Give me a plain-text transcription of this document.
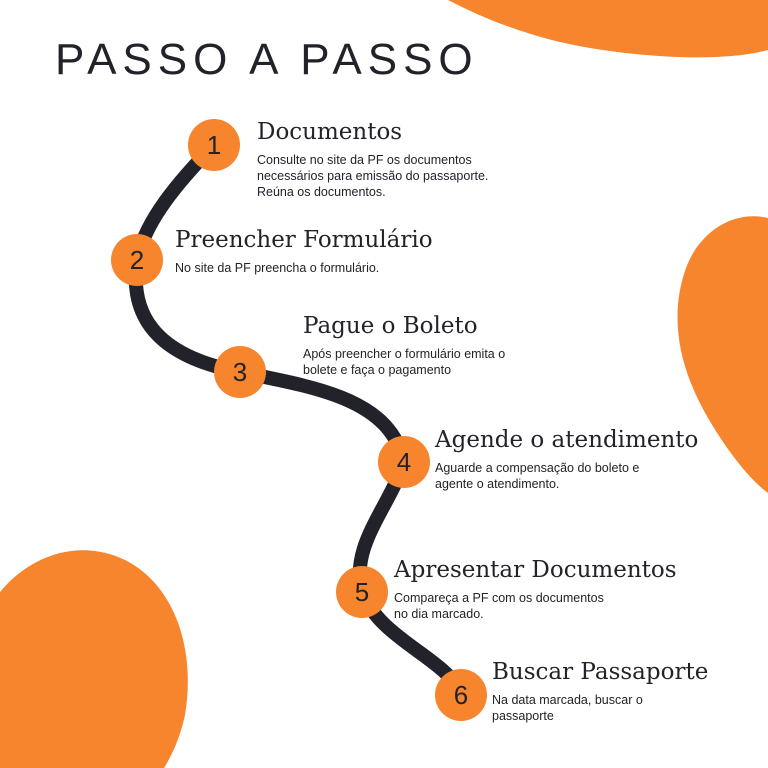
PASSO A PASSO
1
2
3
4
5
6
Documentos

Consulte no site da PF os documentos
necessários para emissão do passaporte.
Reúna os documentos.

Preencher Formulário

No site da PF preencha o formulário.

Pague o Boleto

Após preencher o formulário emita o
bolete e faça o pagamento

Agende o atendimento

Aguarde a compensação do boleto e
agente o atendimento.

Apresentar Documentos

Compareça a PF com os documentos
no dia marcado.

Buscar Passaporte

Na data marcada, buscar o
passaporte
